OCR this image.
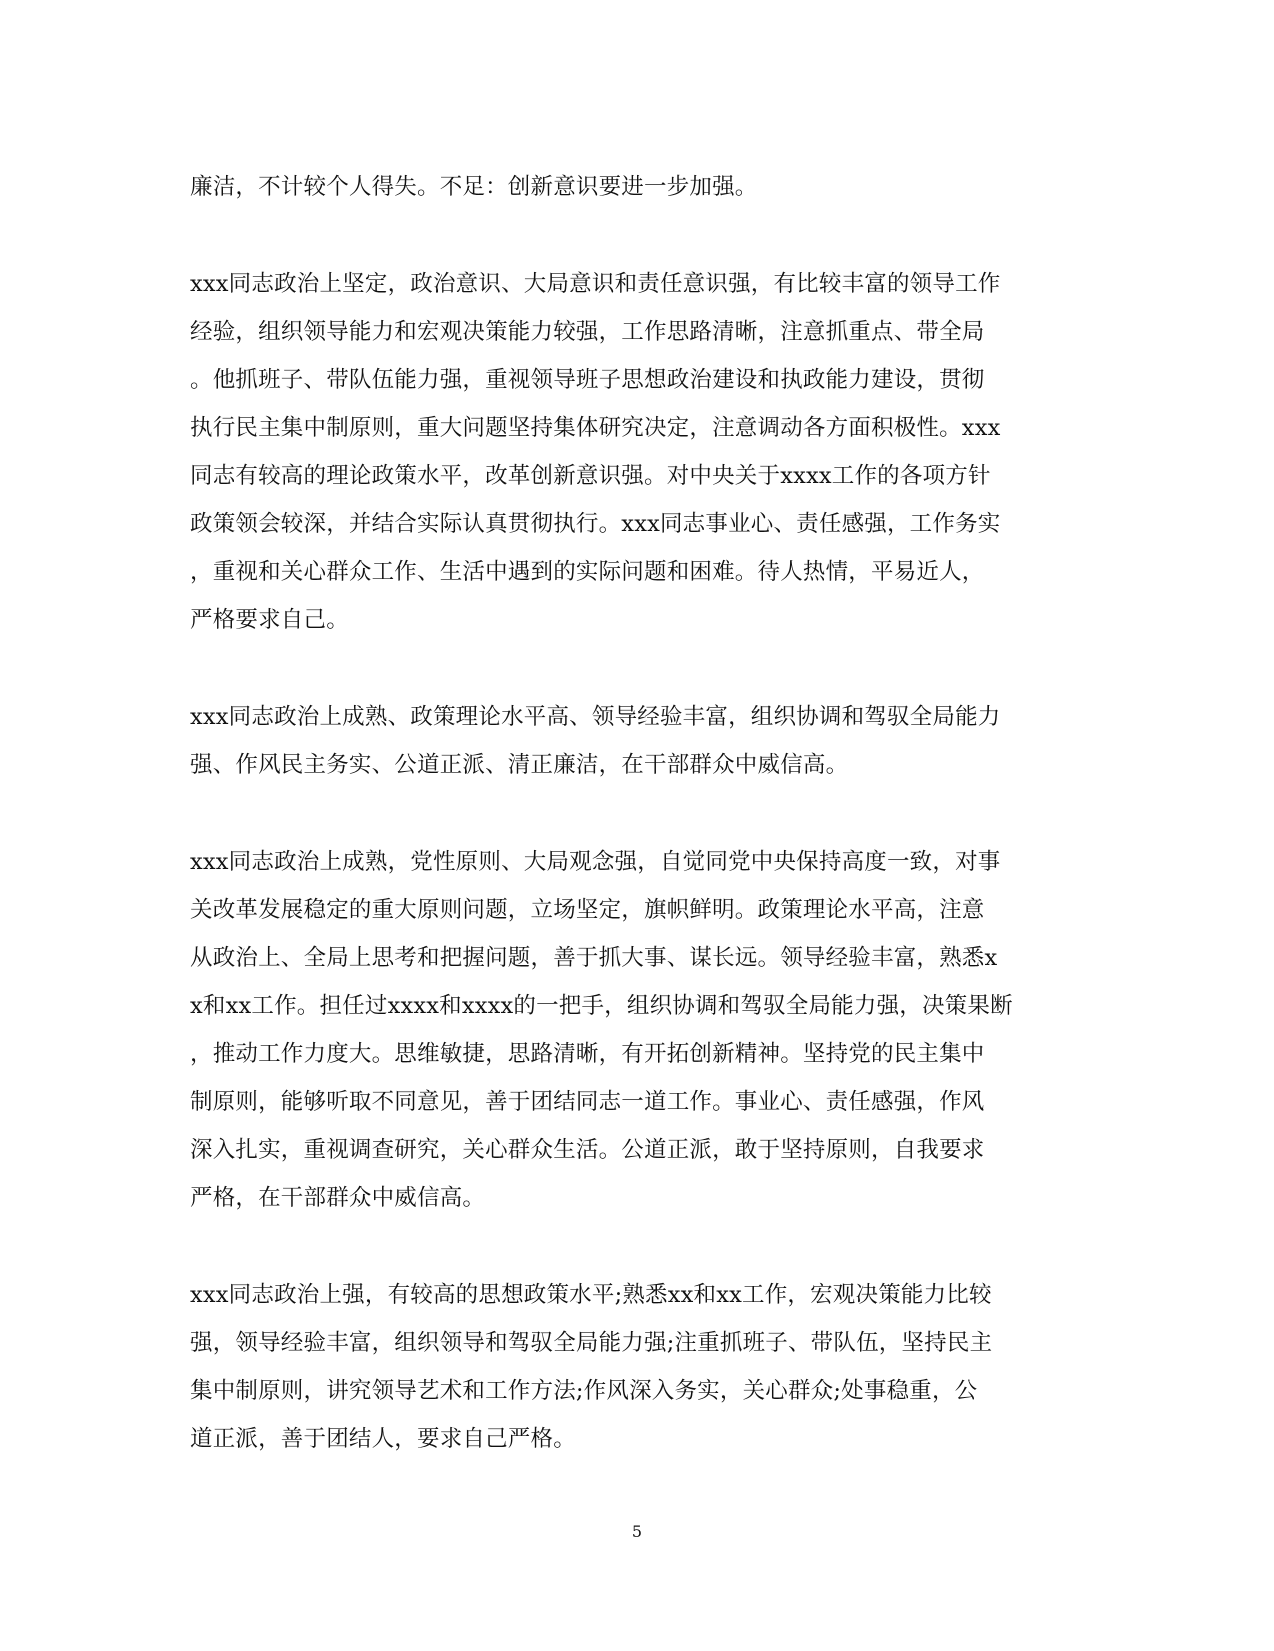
廉洁，不计较个人得失。不足：创新意识要进一步加强。
xxx同志政治上坚定，政治意识、大局意识和责任意识强，有比较丰富的领导工作
经验，组织领导能力和宏观决策能力较强，工作思路清晰，注意抓重点、带全局
。他抓班子、带队伍能力强，重视领导班子思想政治建设和执政能力建设，贯彻
执行民主集中制原则，重大问题坚持集体研究决定，注意调动各方面积极性。xxx
同志有较高的理论政策水平，改革创新意识强。对中央关于xxxx工作的各项方针
政策领会较深，并结合实际认真贯彻执行。xxx同志事业心、责任感强，工作务实
，重视和关心群众工作、生活中遇到的实际问题和困难。待人热情，平易近人，
严格要求自己。
xxx同志政治上成熟、政策理论水平高、领导经验丰富，组织协调和驾驭全局能力
强、作风民主务实、公道正派、清正廉洁，在干部群众中威信高。
xxx同志政治上成熟，党性原则、大局观念强，自觉同党中央保持高度一致，对事
关改革发展稳定的重大原则问题，立场坚定，旗帜鲜明。政策理论水平高，注意
从政治上、全局上思考和把握问题，善于抓大事、谋长远。领导经验丰富，熟悉x
x和xx工作。担任过xxxx和xxxx的一把手，组织协调和驾驭全局能力强，决策果断
，推动工作力度大。思维敏捷，思路清晰，有开拓创新精神。坚持党的民主集中
制原则，能够听取不同意见，善于团结同志一道工作。事业心、责任感强，作风
深入扎实，重视调查研究，关心群众生活。公道正派，敢于坚持原则，自我要求
严格，在干部群众中威信高。
xxx同志政治上强，有较高的思想政策水平;熟悉xx和xx工作，宏观决策能力比较
强，领导经验丰富，组织领导和驾驭全局能力强;注重抓班子、带队伍，坚持民主
集中制原则，讲究领导艺术和工作方法;作风深入务实，关心群众;处事稳重，公
道正派，善于团结人，要求自己严格。
5
